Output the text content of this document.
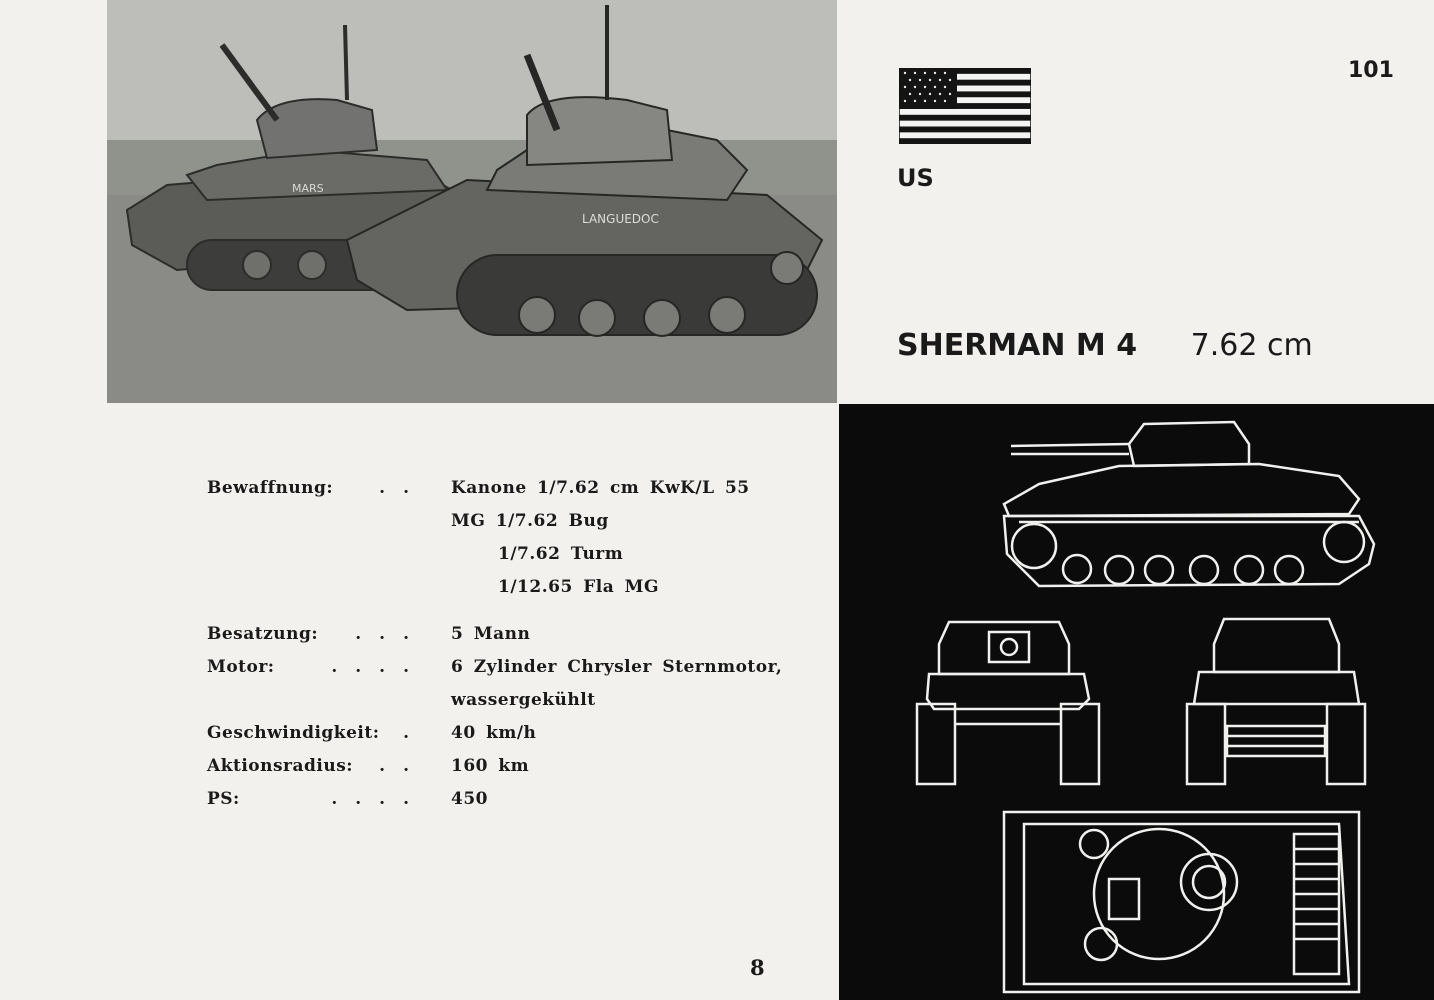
MARS
LANGUEDOC
US
101
SHERMAN M 4 7.62 cm
Bewaffnung:	.. Kanone 1/7.62 cm KwK/L 55
MG 1/7.62 Bug
1/7.62 Turm
1/12.65 Fla MG
Besatzung:	... 5 Mann
Motor:	.... 6 Zylinder Chrysler Sternmotor,
wassergekühlt
Geschwindigkeit:	. 40 km/h
Aktionsradius:	.. 160 km
PS:	.... 450
8
